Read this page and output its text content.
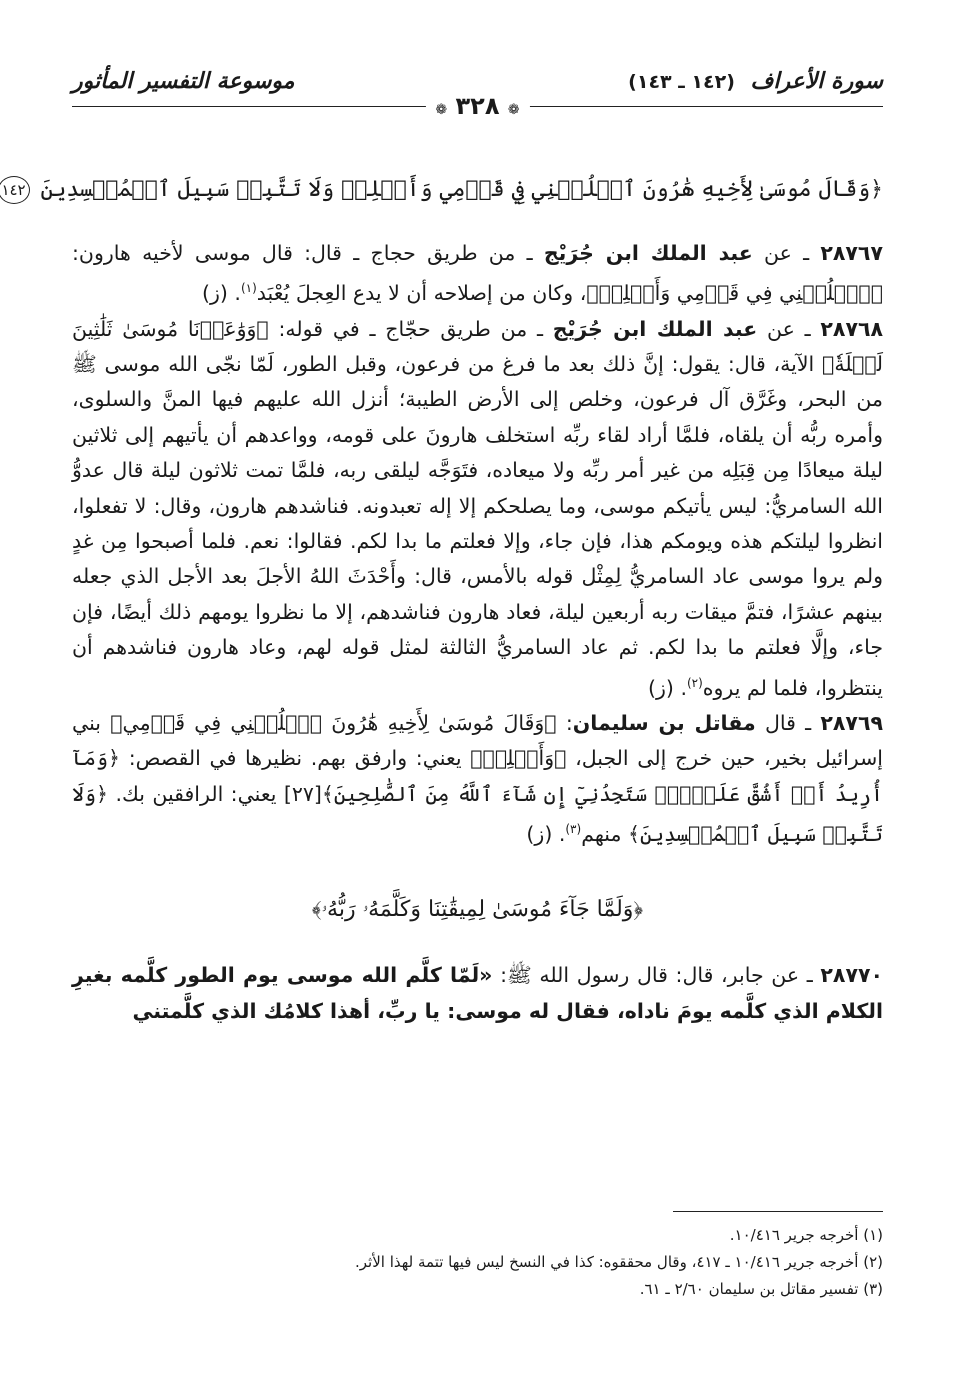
سورة الأعراف (١٤٢ ـ ١٤٣)
موسوعة التفسير المأثور
❁ ٣٢٨ ❁
﴿وَقَالَ مُوسَىٰ لِأَخِيهِ هَٰرُونَ ٱخۡلُفۡنِي فِي قَوۡمِي وَأَصۡلِحۡ وَلَا تَتَّبِعۡ سَبِيلَ ٱلۡمُفۡسِدِينَ ١٤٢

٢٨٧٦٧ ـ عن عبد الملك ابن جُرَيْج ـ من طريق حجاج ـ قال: قال موسى لأخيه هارون: ﴿ٱخۡلُفۡنِي فِي قَوۡمِي وَأَصۡلِحۡ﴾، وكان من إصلاحه أن لا يدع العِجلَ يُعْبَد$^{(١)}$. (ز)

٢٨٧٦٨ ـ عن عبد الملك ابن جُرَيْج ـ من طريق حجّاج ـ في قوله: ﴿وَوَٰعَدۡنَا مُوسَىٰ ثَلَٰثِينَ لَيۡلَةٗ﴾ الآية، قال: يقول: إنَّ ذلك بعد ما فرغ من فرعون، وقبل الطور، لَمّا نجّى الله موسى ﷺ من البحر، وغَرَّق آل فرعون، وخلص إلى الأرض الطيبة؛ أنزل الله عليهم فيها المنَّ والسلوى، وأمره ربُّه أن يلقاه، فلمَّا أراد لقاء ربِّه استخلف هارونَ على قومه، وواعدهم أن يأتيهم إلى ثلاثين ليلة ميعادًا مِن قِبَلِه من غير أمر ربِّه ولا ميعاده، فتَوَجَّه ليلقى ربه، فلمَّا تمت ثلاثون ليلة قال عدوُّ الله السامريُّ: ليس يأتيكم موسى، وما يصلحكم إلا إله تعبدونه. فناشدهم هارون، وقال: لا تفعلوا، انظروا ليلتكم هذه ويومكم هذا، فإن جاء، وإلا فعلتم ما بدا لكم. فقالوا: نعم. فلما أصبحوا مِن غدٍ ولم يروا موسى عاد السامريُّ لِمِثْل قوله بالأمس، قال: وأَحْدَثَ اللهُ الأجلَ بعد الأجل الذي جعله بينهم عشرًا، فتمَّ ميقات ربه أربعين ليلة، فعاد هارون فناشدهم، إلا ما نظروا يومهم ذلك أيضًا، فإن جاء، وإلَّا فعلتم ما بدا لكم. ثم عاد السامريُّ الثالثة لمثل قوله لهم، وعاد هارون فناشدهم أن ينتظروا، فلما لم يروه$^{(٢)}$. (ز)

٢٨٧٦٩ ـ قال مقاتل بن سليمان: ﴿وَقَالَ مُوسَىٰ لِأَخِيهِ هَٰرُونَ ٱخۡلُفۡنِي فِي قَوۡمِي﴾ بني إسرائيل بخير، حين خرج إلى الجبل، ﴿وَأَصۡلِحۡ﴾ يعني: وارفق بهم. نظيرها في القصص: ﴿وَمَآ أُرِيدُ أَنۡ أَشُقَّ عَلَيۡكَۚ سَتَجِدُنِيٓ إِن شَآءَ ٱللَّهُ مِنَ ٱلصَّٰلِحِينَ﴾[٢٧] يعني: الرافقين بك. ﴿وَلَا تَتَّبِعۡ سَبِيلَ ٱلۡمُفۡسِدِينَ﴾ منهم$^{(٣)}$. (ز)

﴿وَلَمَّا جَآءَ مُوسَىٰ لِمِيقَٰتِنَا وَكَلَّمَهُۥ رَبُّهُۥ﴾

٢٨٧٧٠ ـ عن جابر، قال: قال رسول الله ﷺ: «لَمّا كلَّم الله موسى يوم الطور كلَّمه بغيرِ الكلام الذي كلَّمه يومَ ناداه، فقال له موسى: يا ربِّ، أهذا كلامُك الذي كلَّمتني

(١) أخرجه جرير ١٠/٤١٦.

(٢) أخرجه جرير ١٠/٤١٦ ـ ٤١٧، وقال محققوه: كذا في النسخ ليس فيها تتمة لهذا الأثر.

(٣) تفسير مقاتل بن سليمان ٢/٦٠ ـ ٦١.
